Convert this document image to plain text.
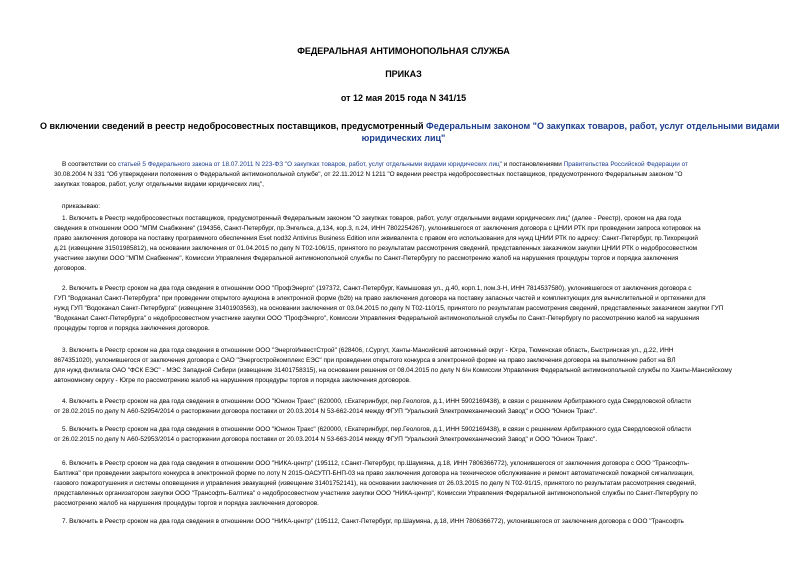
ФЕДЕРАЛЬНАЯ АНТИМОНОПОЛЬНАЯ СЛУЖБА
ПРИКАЗ
от 12 мая 2015 года N 341/15
О включении сведений в реестр недобросовестных поставщиков, предусмотренный Федеральным законом "О закупках товаров, работ, услуг отдельными видами
юридических лиц"
В соответствии со статьей 5 Федерального закона от 18.07.2011 N 223-ФЗ "О закупках товаров, работ, услуг отдельными видами юридических лиц" и постановлениями Правительства Российской Федерации от
30.08.2004 N 331 "Об утверждении положения о Федеральной антимонопольной службе", от 22.11.2012 N 1211 "О ведении реестра недобросовестных поставщиков, предусмотренного Федеральным законом "О
закупках товаров, работ, услуг отдельными видами юридических лиц",
приказываю:
1. Включить в Реестр недобросовестных поставщиков, предусмотренный Федеральным законом "О закупках товаров, работ, услуг отдельными видами юридических лиц" (далее - Реестр), сроком на два года
сведения в отношении ООО "МПМ Снабжение" (194356, Санкт-Петербург, пр.Энгельса, д.134, кор.3, п.24, ИНН 7802254267), уклонившегося от заключения договора с ЦНИИ РТК при проведении запроса котировок на
право заключения договора на поставку программного обеспечения Eset nod32 Antivirus Business Edition или эквивалента с правом его использования для нужд ЦНИИ РТК по адресу: Санкт-Петербург, пр.Тихорецкий
д.21 (извещение 31501985812), на основании заключения от 01.04.2015 по делу N Т02-106/15, принятого по результатам рассмотрения сведений, представленных заказчиком закупки ЦНИИ РТК о недобросовестном
участнике закупки ООО "МПМ Снабжение", Комиссии Управления Федеральной антимонопольной службы по Санкт-Петербургу по рассмотрению жалоб на нарушения процедуры торгов и порядка заключения
договоров.
2. Включить в Реестр сроком на два года сведения в отношении ООО "ПрофЭнерго" (197372, Санкт-Петербург, Камышовая ул., д.40, корп.1, пом.3-Н, ИНН 7814537580), уклонившегося от заключения договора с
ГУП "Водоканал Санкт-Петербурга" при проведении открытого аукциона в электронной форме (b2b) на право заключения договора на поставку запасных частей и комплектующих для вычислительной и оргтехники для
нужд ГУП "Водоканал Санкт-Петербурга" (извещение 31401903563), на основании заключения от 03.04.2015 по делу N Т02-110/15, принятого по результатам рассмотрения сведений, представленных заказчиком закупки ГУП
"Водоканал Санкт-Петербурга" о недобросовестном участнике закупки ООО "ПрофЭнерго", Комиссии Управления Федеральной антимонопольной службы по Санкт-Петербургу по рассмотрению жалоб на нарушения
процедуры торгов и порядка заключения договоров.
3. Включить в Реестр сроком на два года сведения в отношении ООО "ЭнергоИнвестСтрой" (628406, г.Сургут, Ханты-Мансийский автономный округ - Югра, Тюменская область, Быстринская ул., д.22, ИНН
8674351020), уклонившегося от заключения договора с ОАО "Энергостройкомплекс ЕЭС" при проведении открытого конкурса в электронной форме на право заключения договора на выполнение работ на ВЛ
для нужд филиала ОАО "ФСК ЕЭС" - МЭС Западной Сибири (извещение 31401758315), на основании решения от 08.04.2015 по делу N 6/н Комиссии Управления Федеральной антимонопольной службы по Ханты-Мансийскому
автономному округу - Югре по рассмотрению жалоб на нарушения процедуры торгов и порядка заключения договоров.
4. Включить в Реестр сроком на два года сведения в отношении ООО "Юнион Тракс" (620000, г.Екатеринбург, пер.Геологов, д.1, ИНН 5902169438), в связи с решением Арбитражного суда Свердловской области
от 28.02.2015 по делу N А60-52954/2014 о расторжении договора поставки от 20.03.2014 N 53-662-2014 между ФГУП "Уральский Электромеханический Завод" и ООО "Юнион Тракс".
5. Включить в Реестр сроком на два года сведения в отношении ООО "Юнион Тракс" (620000, г.Екатеринбург, пер.Геологов, д.1, ИНН 5902169438), в связи с решением Арбитражного суда Свердловской области
от 26.02.2015 по делу N А60-52953/2014 о расторжении договора поставки от 20.03.2014 N 53-663-2014 между ФГУП "Уральский Электромеханический Завод" и ООО "Юнион Тракс".
6. Включить в Реестр сроком на два года сведения в отношении ООО "НИКА-центр" (195112, г.Санкт-Петербург, пр.Шаумяна, д.18, ИНН 7806366772), уклонившегося от заключения договора с ООО "Трансофть-
Балтика" при проведении закрытого конкурса в электронной форме по лоту N 2015-ОАСУТП-БНП-03 на право заключения договора на техническое обслуживание и ремонт автоматической пожарной сигнализации,
газового пожаротушения и системы оповещения и управления эвакуацией (извещение 31401752141), на основании заключения от 26.03.2015 по делу N Т02-91/15, принятого по результатам рассмотрения сведений,
представленных организатором закупки ООО "Трансофть-Балтика" о недобросовестном участнике закупки ООО "НИКА-центр", Комиссии Управления Федеральной антимонопольной службы по Санкт-Петербургу по
рассмотрению жалоб на нарушения процедуры торгов и порядка заключения договоров.
7. Включить в Реестр сроком на два года сведения в отношении ООО "НИКА-центр" (195112, Санкт-Петербург, пр.Шаумяна, д.18, ИНН 7806366772), уклонившегося от заключения договора с ООО "Трансофть
